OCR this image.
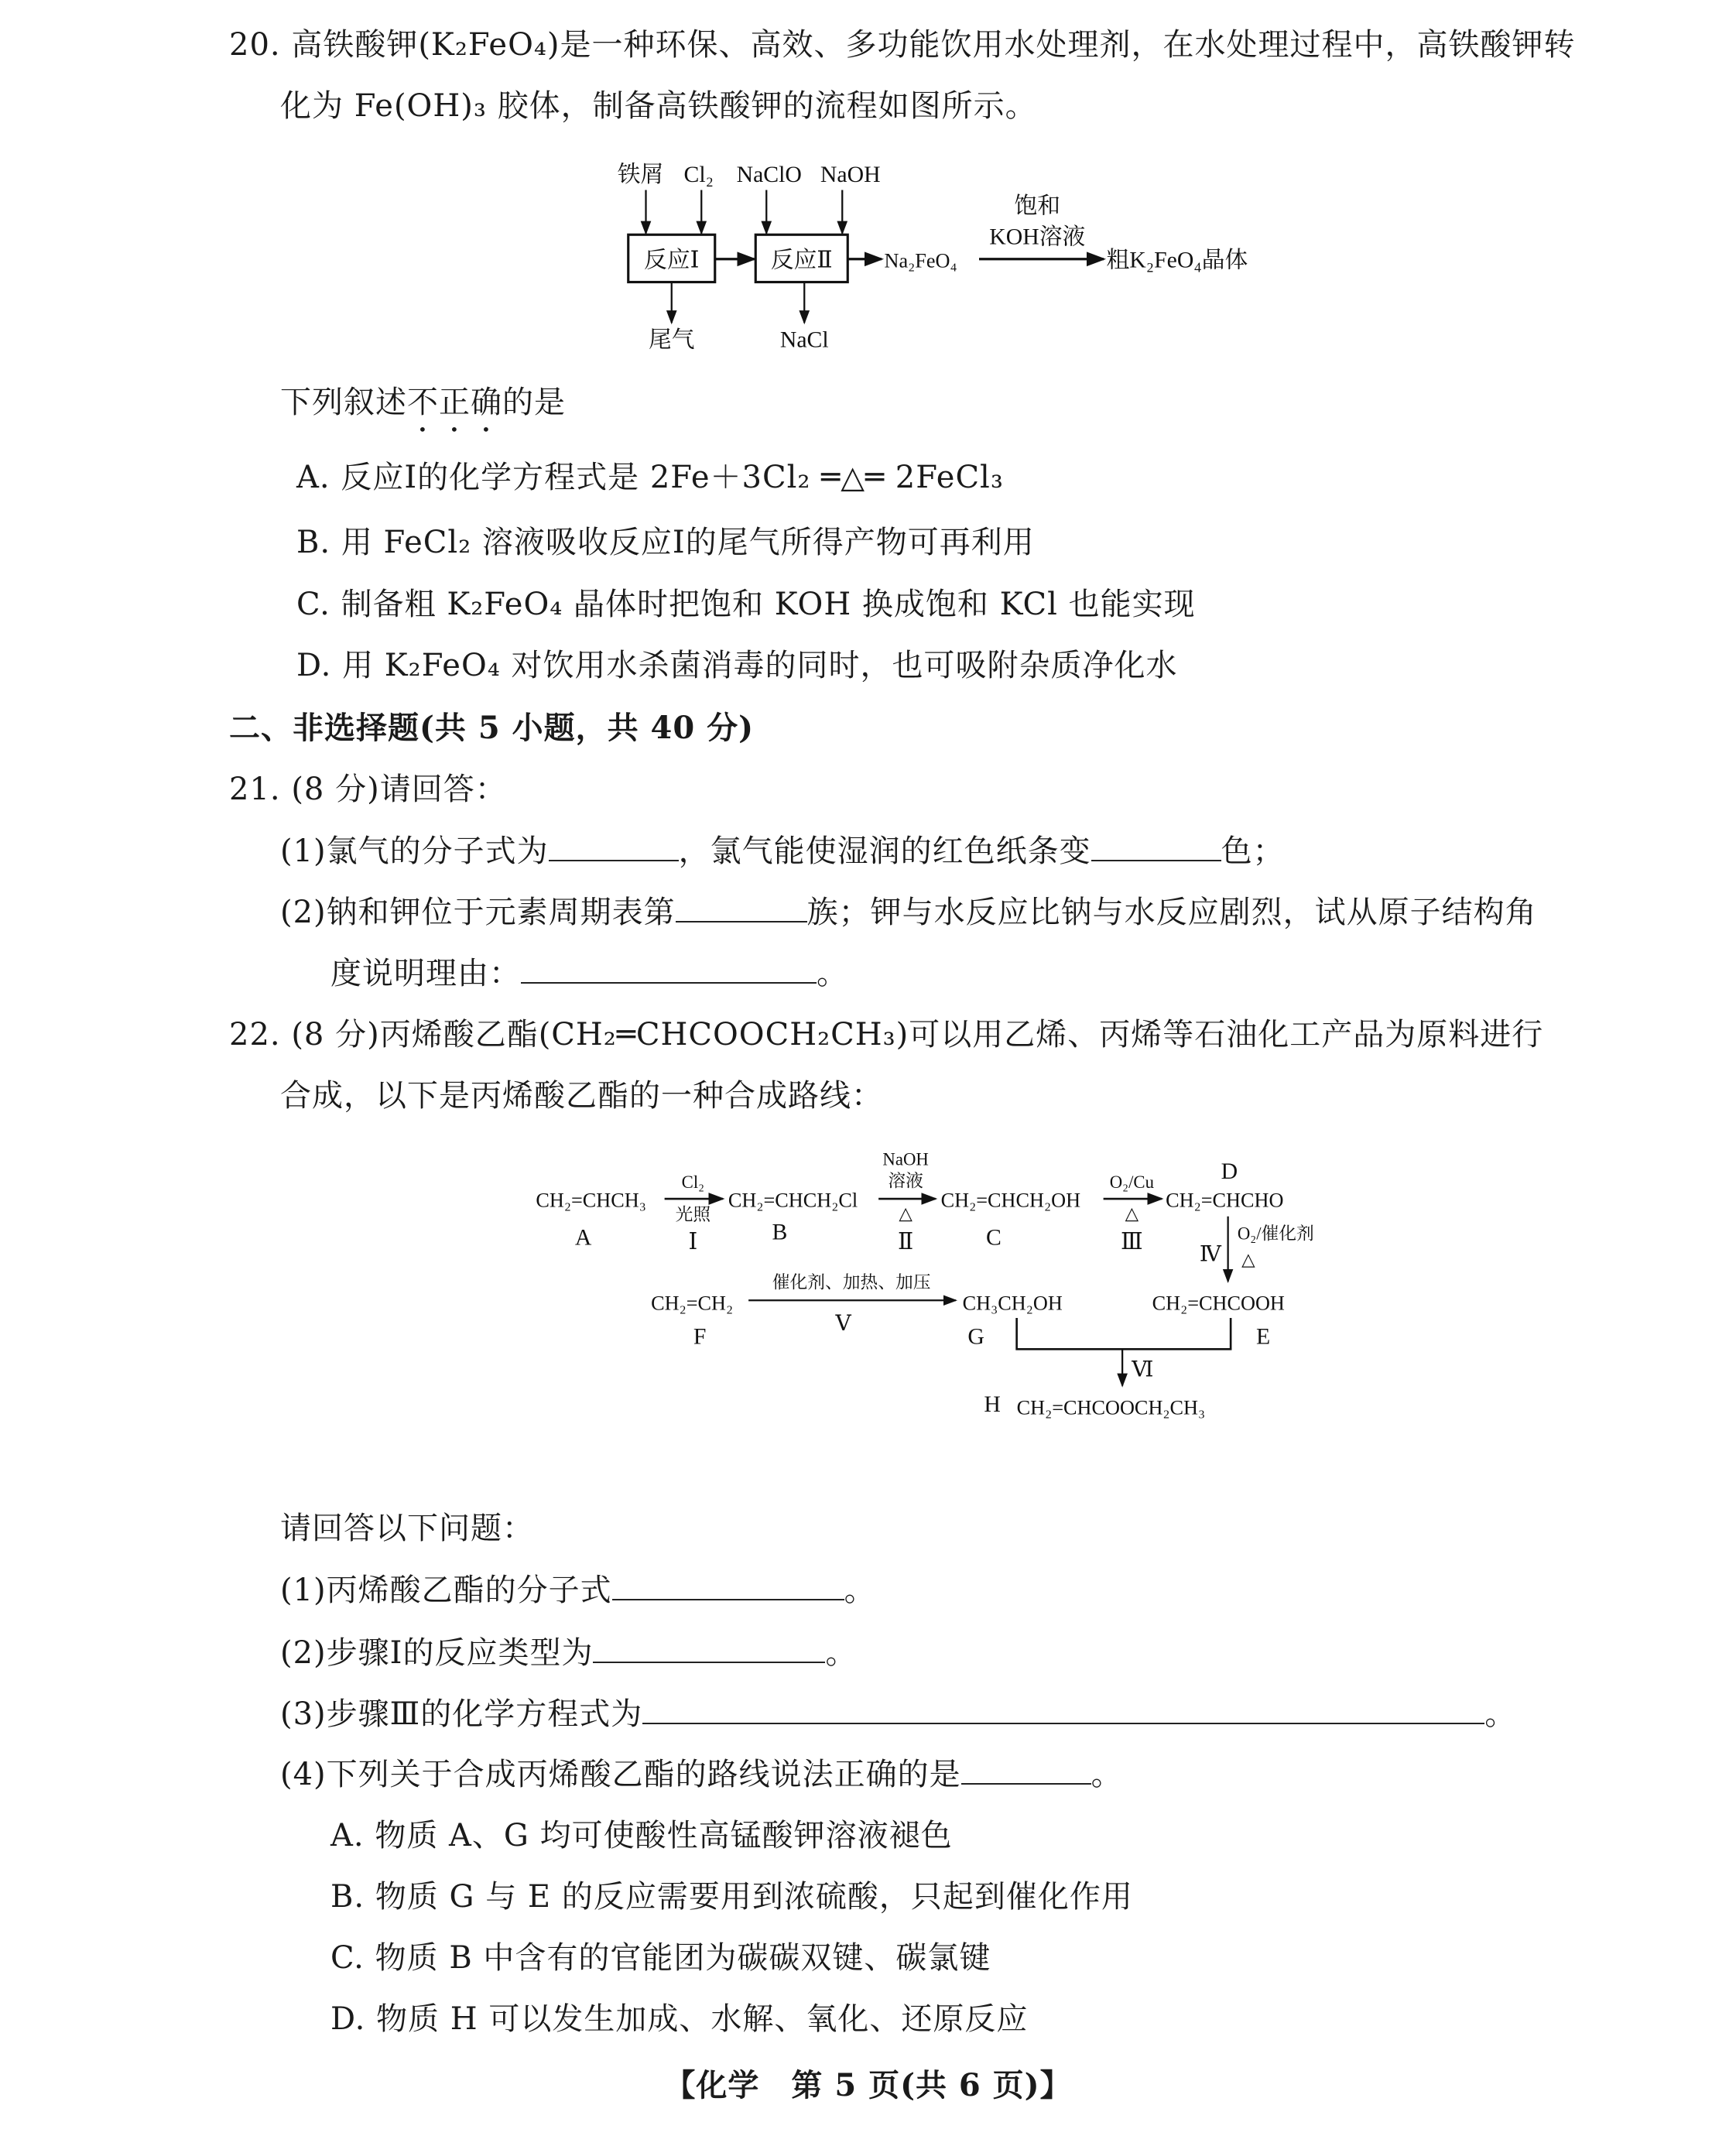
20. 高铁酸钾(K₂FeO₄)是一种环保、高效、多功能饮用水处理剂，在水处理过程中，高铁酸钾转
化为 Fe(OH)₃ 胶体，制备高铁酸钾的流程如图所示。
铁屑 Cl₂ NaClO NaOH
反应Ⅰ	反应Ⅱ	Na₂FeO₄
饱和
KOH溶液
粗K₂FeO₄晶体
尾气	NaCl
下列叙述不正确的是
A. 反应Ⅰ的化学方程式是 2Fe＋3Cl₂ ═△═ 2FeCl₃
B. 用 FeCl₂ 溶液吸收反应Ⅰ的尾气所得产物可再利用
C. 制备粗 K₂FeO₄ 晶体时把饱和 KOH 换成饱和 KCl 也能实现
D. 用 K₂FeO₄ 对饮用水杀菌消毒的同时，也可吸附杂质净化水
二、非选择题(共 5 小题，共 40 分)
21. (8 分)请回答：
(1)氯气的分子式为	，氯气能使湿润的红色纸条变	色；
(2)钠和钾位于元素周期表第	族；钾与水反应比钠与水反应剧烈，试从原子结构角
度说明理由：	。
22. (8 分)丙烯酸乙酯(CH₂═CHCOOCH₂CH₃)可以用乙烯、丙烯等石油化工产品为原料进行
合成，以下是丙烯酸乙酯的一种合成路线：
CH₂=CHCH₃
A
Cl₂
光照
Ⅰ
CH₂=CHCH₂Cl
B
NaOH
溶液
△
Ⅱ
CH₂=CHCH₂OH
C
O₂/Cu
△
Ⅲ
D
CH₂=CHCHO
Ⅳ
O₂/催化剂
△
CH₂=CH₂
F
催化剂、加热、加压
Ⅴ
CH₃CH₂OH
G
CH₂=CHCOOH
E
Ⅵ
H CH₂=CHCOOCH₂CH₃
请回答以下问题：
(1)丙烯酸乙酯的分子式	。
(2)步骤Ⅰ的反应类型为	。
(3)步骤Ⅲ的化学方程式为	。
(4)下列关于合成丙烯酸乙酯的路线说法正确的是	。
A. 物质 A、G 均可使酸性高锰酸钾溶液褪色
B. 物质 G 与 E 的反应需要用到浓硫酸，只起到催化作用
C. 物质 B 中含有的官能团为碳碳双键、碳氯键
D. 物质 H 可以发生加成、水解、氧化、还原反应
【化学　第 5 页(共 6 页)】
